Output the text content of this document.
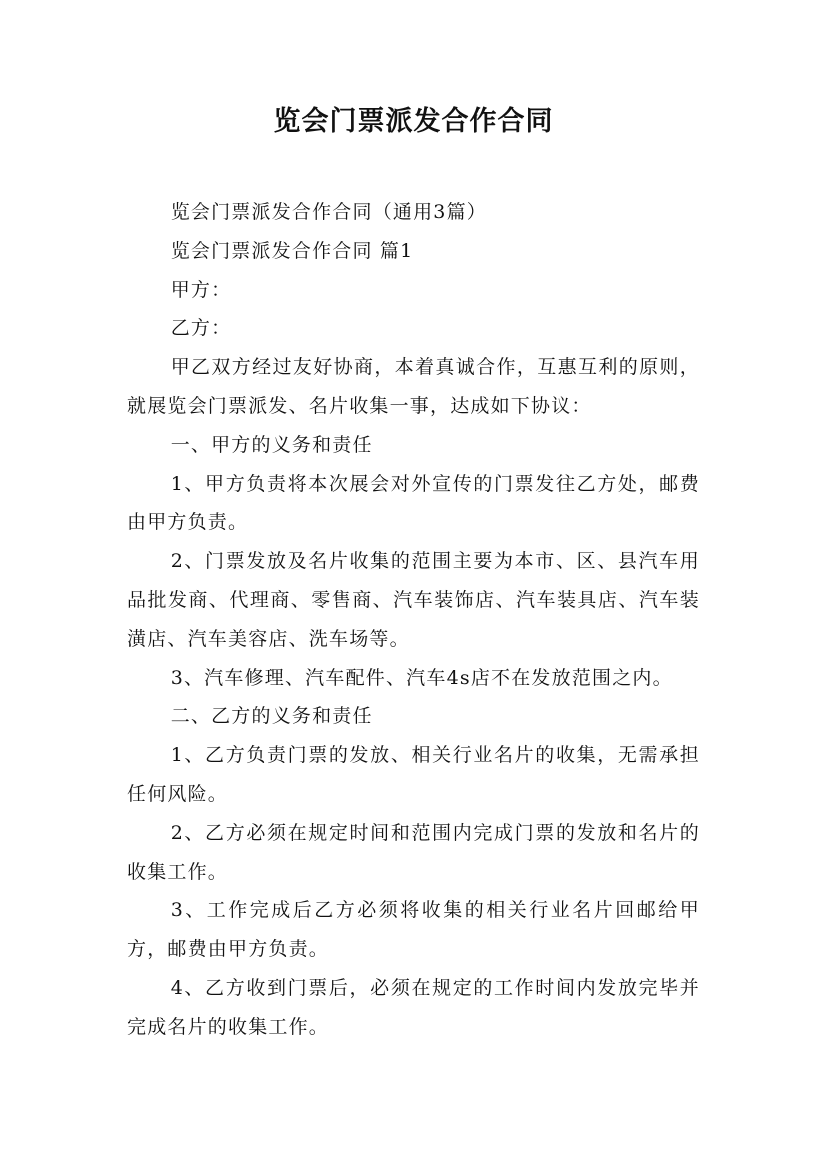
览会门票派发合作合同

览会门票派发合作合同（通用3篇）

览会门票派发合作合同 篇1

甲方：

乙方：

甲乙双方经过友好协商，本着真诚合作，互惠互利的原则，就展览会门票派发、名片收集一事，达成如下协议：

一、甲方的义务和责任

1、甲方负责将本次展会对外宣传的门票发往乙方处，邮费由甲方负责。

2、门票发放及名片收集的范围主要为本市、区、县汽车用品批发商、代理商、零售商、汽车装饰店、汽车装具店、汽车装潢店、汽车美容店、洗车场等。

3、汽车修理、汽车配件、汽车4s店不在发放范围之内。

二、乙方的义务和责任

1、乙方负责门票的发放、相关行业名片的收集，无需承担任何风险。

2、乙方必须在规定时间和范围内完成门票的发放和名片的收集工作。

3、工作完成后乙方必须将收集的相关行业名片回邮给甲方，邮费由甲方负责。

4、乙方收到门票后，必须在规定的工作时间内发放完毕并完成名片的收集工作。
